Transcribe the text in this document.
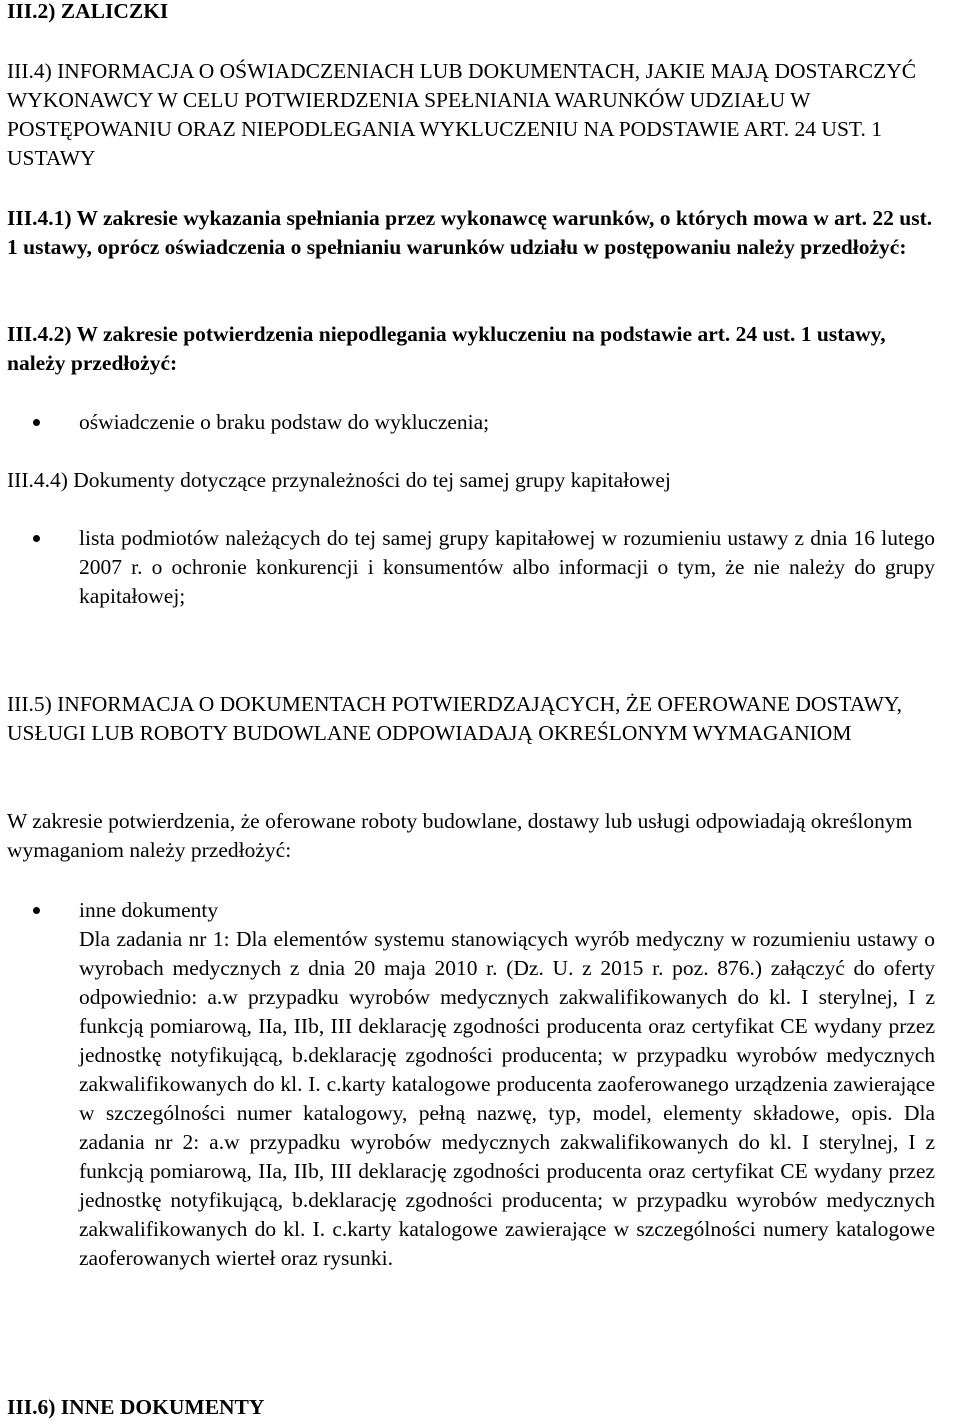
III.2) ZALICZKI

III.4) INFORMACJA O OŚWIADCZENIACH LUB DOKUMENTACH, JAKIE MAJĄ DOSTARCZYĆ WYKONAWCY W CELU POTWIERDZENIA SPEŁNIANIA WARUNKÓW UDZIAŁU W POSTĘPOWANIU ORAZ NIEPODLEGANIA WYKLUCZENIU NA PODSTAWIE ART. 24 UST. 1 USTAWY

III.4.1) W zakresie wykazania spełniania przez wykonawcę warunków, o których mowa w art. 22 ust. 1 ustawy, oprócz oświadczenia o spełnianiu warunków udziału w postępowaniu należy przedłożyć:

III.4.2) W zakresie potwierdzenia niepodlegania wykluczeniu na podstawie art. 24 ust. 1 ustawy, należy przedłożyć:

oświadczenie o braku podstaw do wykluczenia;

III.4.4) Dokumenty dotyczące przynależności do tej samej grupy kapitałowej

lista podmiotów należących do tej samej grupy kapitałowej w rozumieniu ustawy z dnia 16 lutego 2007 r. o ochronie konkurencji i konsumentów albo informacji o tym, że nie należy do grupy kapitałowej;

III.5) INFORMACJA O DOKUMENTACH POTWIERDZAJĄCYCH, ŻE OFEROWANE DOSTAWY, USŁUGI LUB ROBOTY BUDOWLANE ODPOWIADAJĄ OKREŚLONYM WYMAGANIOM

W zakresie potwierdzenia, że oferowane roboty budowlane, dostawy lub usługi odpowiadają określonym wymaganiom należy przedłożyć:

inne dokumenty

Dla zadania nr 1: Dla elementów systemu stanowiących wyrób medyczny w rozumieniu ustawy o wyrobach medycznych z dnia 20 maja 2010 r. (Dz. U. z 2015 r. poz. 876.) załączyć do oferty odpowiednio: a.w przypadku wyrobów medycznych zakwalifikowanych do kl. I sterylnej, I z funkcją pomiarową, IIa, IIb, III deklarację zgodności producenta oraz certyfikat CE wydany przez jednostkę notyfikującą, b.deklarację zgodności producenta; w przypadku wyrobów medycznych zakwalifikowanych do kl. I. c.karty katalogowe producenta zaoferowanego urządzenia zawierające w szczególności numer katalogowy, pełną nazwę, typ, model, elementy składowe, opis. Dla zadania nr 2: a.w przypadku wyrobów medycznych zakwalifikowanych do kl. I sterylnej, I z funkcją pomiarową, IIa, IIb, III deklarację zgodności producenta oraz certyfikat CE wydany przez jednostkę notyfikującą, b.deklarację zgodności producenta; w przypadku wyrobów medycznych zakwalifikowanych do kl. I. c.karty katalogowe zawierające w szczególności numery katalogowe zaoferowanych wierteł oraz rysunki.

III.6) INNE DOKUMENTY
